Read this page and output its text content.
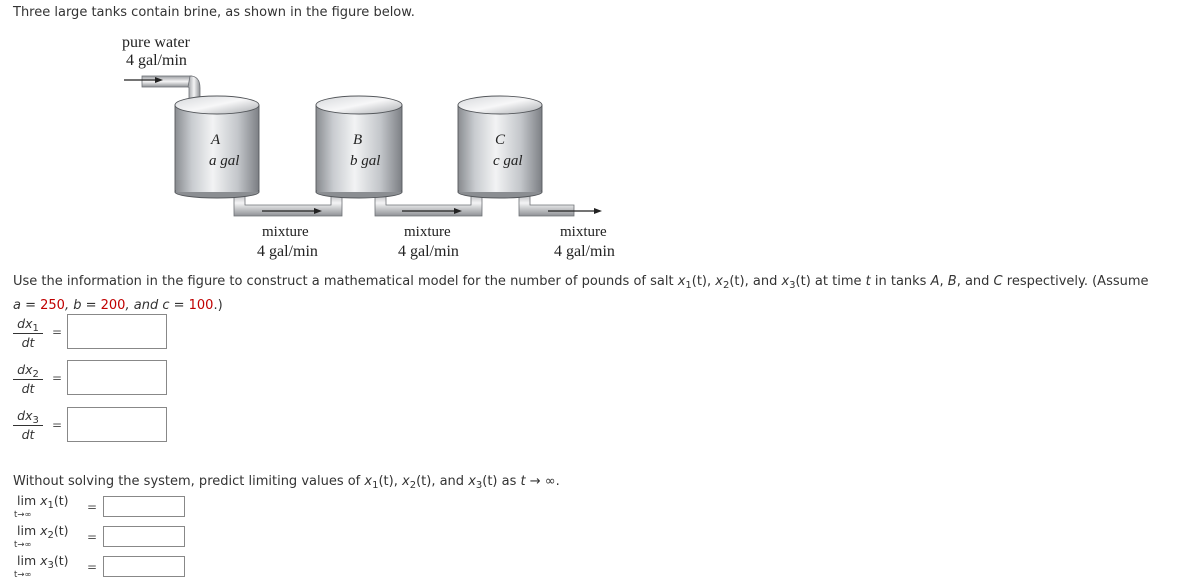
Three large tanks contain brine, as shown in the figure below.
pure water
4 gal/min
A
a gal
B
b gal
C
c gal
mixture
4 gal/min
mixture
4 gal/min
mixture
4 gal/min
Use the information in the figure to construct a mathematical model for the number of pounds of salt $x_1(t)$, $x_2(t)$, and $x_3(t)$ at time t in tanks A, B, and C respectively. (Assume
a = 250, b = 200, and c = 100.)
$dx_1$
dt
=
$dx_2$
dt
=
$dx_3$
dt
=
Without solving the system, predict limiting values of $x_1(t)$, $x_2(t)$, and $x_3(t)$ as t → ∞.
$\lim x_1(t)$
t→∞
=
$\lim x_2(t)$
t→∞
=
$\lim x_3(t)$
t→∞
=
